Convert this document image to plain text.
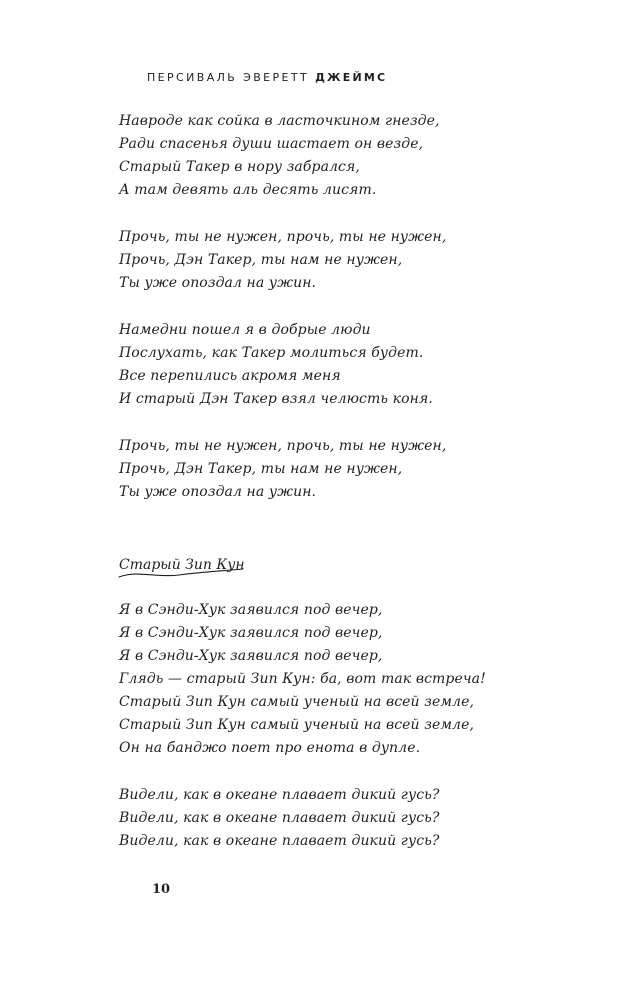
ПЕРСИВАЛЬ ЭВЕРЕТТ ДЖЕЙМС
Навроде как сойка в ласточкином гнезде,
Ради спасенья души шастает он везде,
Старый Такер в нору забрался,
А там девять аль десять лисят.
Прочь, ты не нужен, прочь, ты не нужен,
Прочь, Дэн Такер, ты нам не нужен,
Ты уже опоздал на ужин.
Намедни пошел я в добрые люди
Послухать, как Такер молиться будет.
Все перепились акромя меня
И старый Дэн Такер взял челюсть коня.
Прочь, ты не нужен, прочь, ты не нужен,
Прочь, Дэн Такер, ты нам не нужен,
Ты уже опоздал на ужин.
Старый Зип Кун
Я в Сэнди-Хук заявился под вечер,
Я в Сэнди-Хук заявился под вечер,
Я в Сэнди-Хук заявился под вечер,
Глядь — старый Зип Кун: ба, вот так встреча!
Старый Зип Кун самый ученый на всей земле,
Старый Зип Кун самый ученый на всей земле,
Он на банджо поет про енота в дупле.
Видели, как в океане плавает дикий гусь?
Видели, как в океане плавает дикий гусь?
Видели, как в океане плавает дикий гусь?
10
